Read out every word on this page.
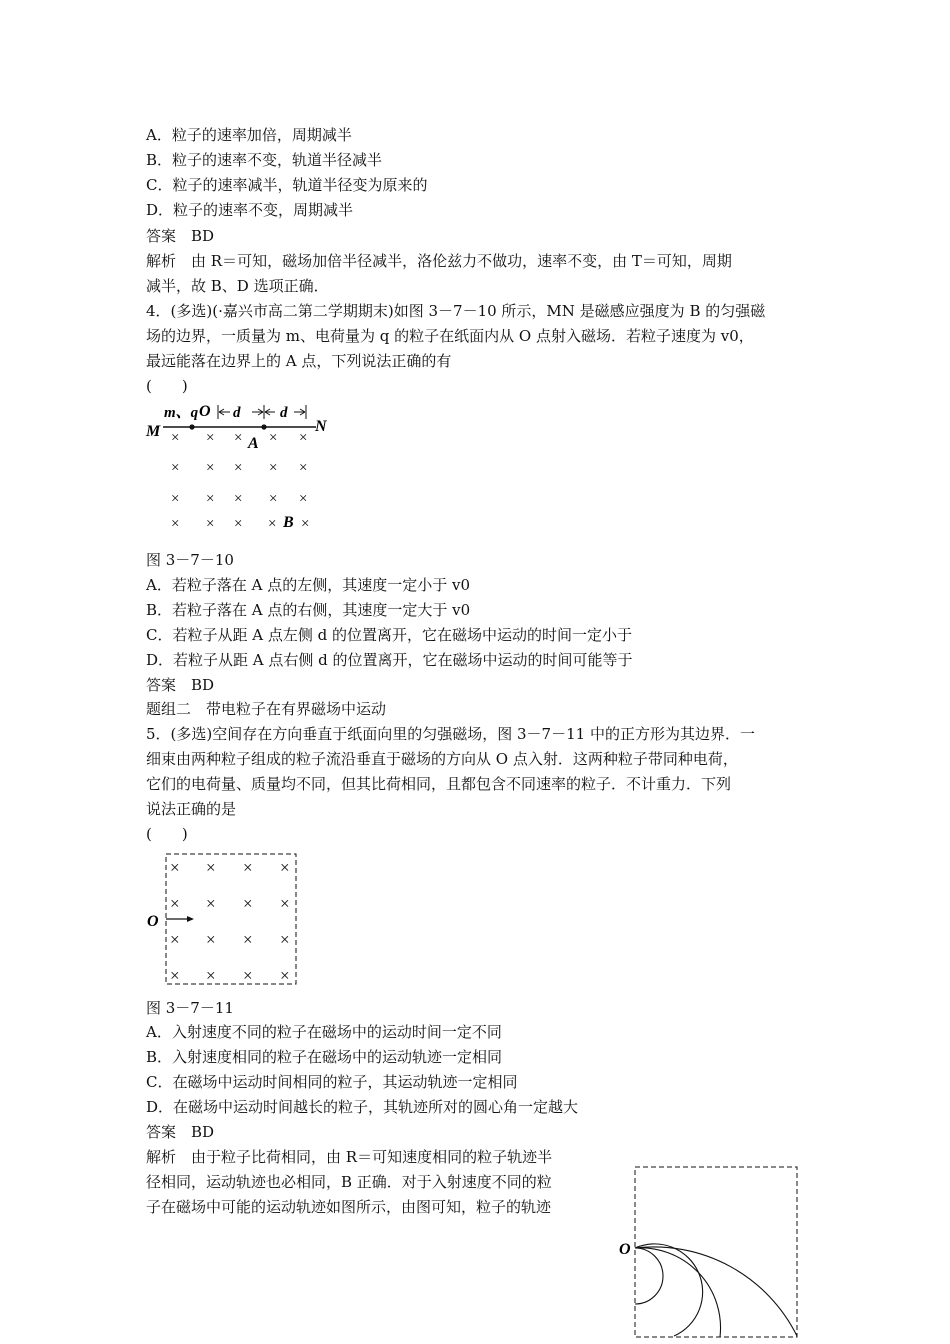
A．粒子的速率加倍，周期减半
B．粒子的速率不变，轨道半径减半
C．粒子的速率减半，轨道半径变为原来的
D．粒子的速率不变，周期减半
答案　BD
解析　由 R＝可知，磁场加倍半径减半，洛伦兹力不做功，速率不变，由 T＝可知，周期
减半，故 B、D 选项正确．
4．(多选)(·嘉兴市高二第二学期期末)如图 3－7－10 所示，MN 是磁感应强度为 B 的匀强磁
场的边界，一质量为 m、电荷量为 q 的粒子在纸面内从 O 点射入磁场．若粒子速度为 v0，
最远能落在边界上的 A 点，下列说法正确的有
(　　)
M	N
m、q O
A
d	d
× × × × ×
× × × × ×
× × × × ×
× × × × ×
B
图 3－7－10
A．若粒子落在 A 点的左侧，其速度一定小于 v0
B．若粒子落在 A 点的右侧，其速度一定大于 v0
C．若粒子从距 A 点左侧 d 的位置离开，它在磁场中运动的时间一定小于
D．若粒子从距 A 点右侧 d 的位置离开，它在磁场中运动的时间可能等于
答案　BD
题组二　带电粒子在有界磁场中运动
5．(多选)空间存在方向垂直于纸面向里的匀强磁场，图 3－7－11 中的正方形为其边界．一
细束由两种粒子组成的粒子流沿垂直于磁场的方向从 O 点入射．这两种粒子带同种电荷，
它们的电荷量、质量均不同，但其比荷相同，且都包含不同速率的粒子．不计重力．下列
说法正确的是
(　　)
× × × ×
× × × ×
× × × ×
× × × ×
O
图 3－7－11
A．入射速度不同的粒子在磁场中的运动时间一定不同
B．入射速度相同的粒子在磁场中的运动轨迹一定相同
C．在磁场中运动时间相同的粒子，其运动轨迹一定相同
D．在磁场中运动时间越长的粒子，其轨迹所对的圆心角一定越大
答案　BD
解析　由于粒子比荷相同，由 R＝可知速度相同的粒子轨迹半
径相同，运动轨迹也必相同，B 正确．对于入射速度不同的粒
子在磁场中可能的运动轨迹如图所示，由图可知，粒子的轨迹
O
